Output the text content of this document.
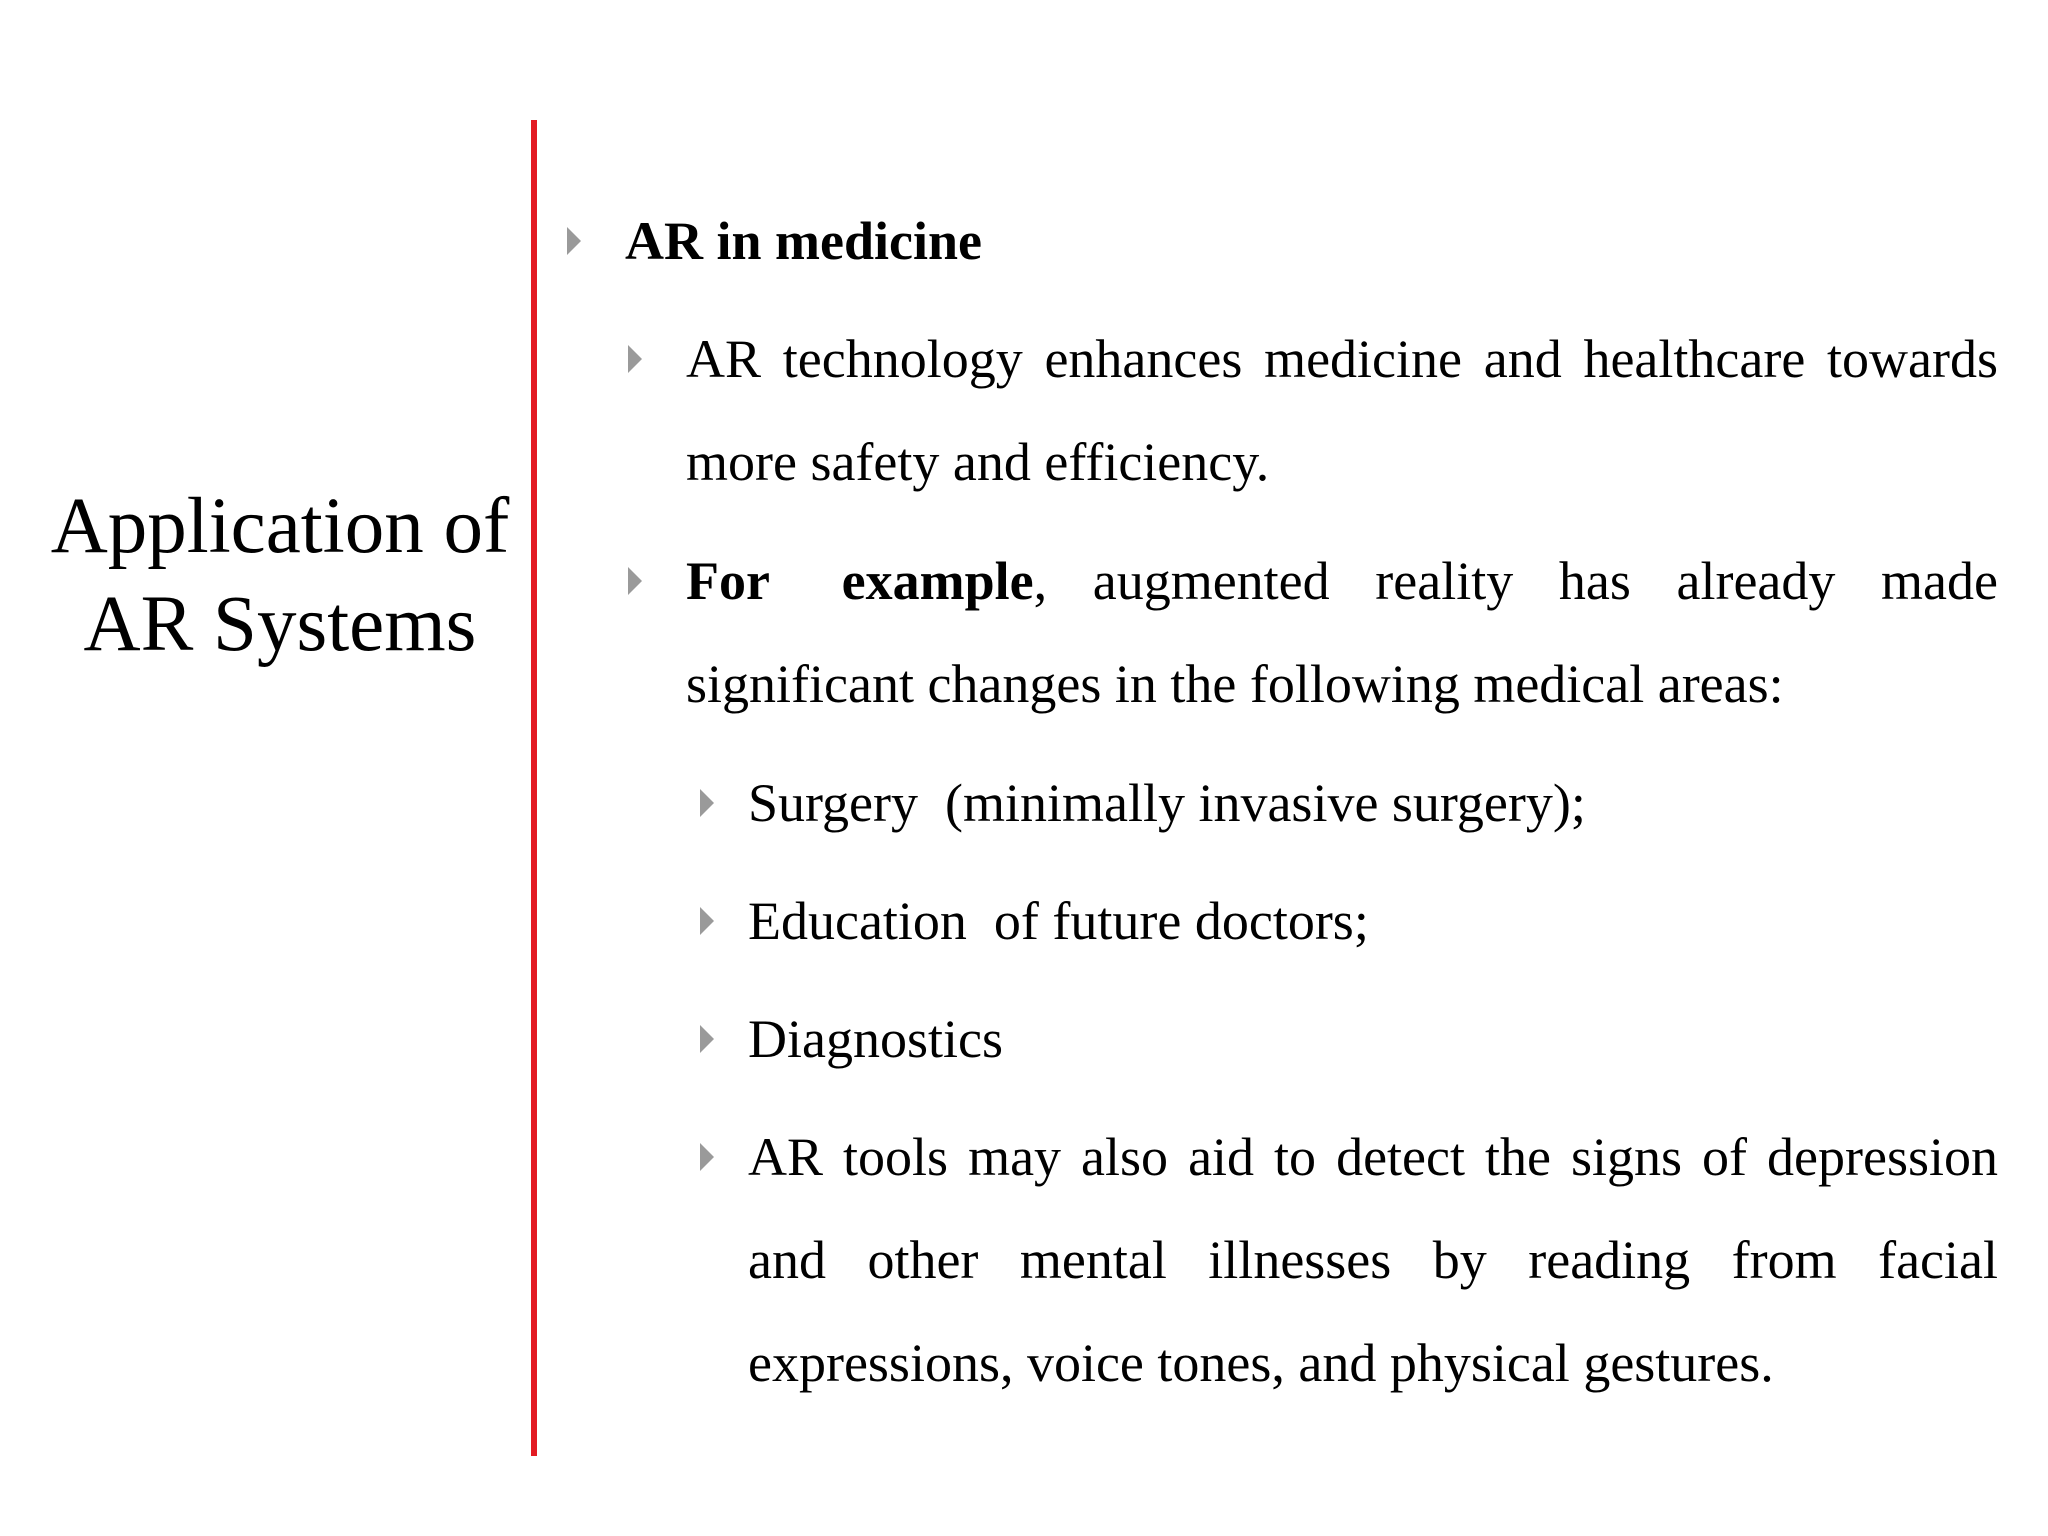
Application of
AR Systems

AR in medicine

AR technology enhances medicine and healthcare towards more safety and efficiency.

For example, augmented reality has already made significant changes in the following medical areas:

Surgery  (minimally invasive surgery);

Education  of future doctors;

Diagnostics

AR tools may also aid to detect the signs of depression and other mental illnesses by reading from facial expressions, voice tones, and physical gestures.
